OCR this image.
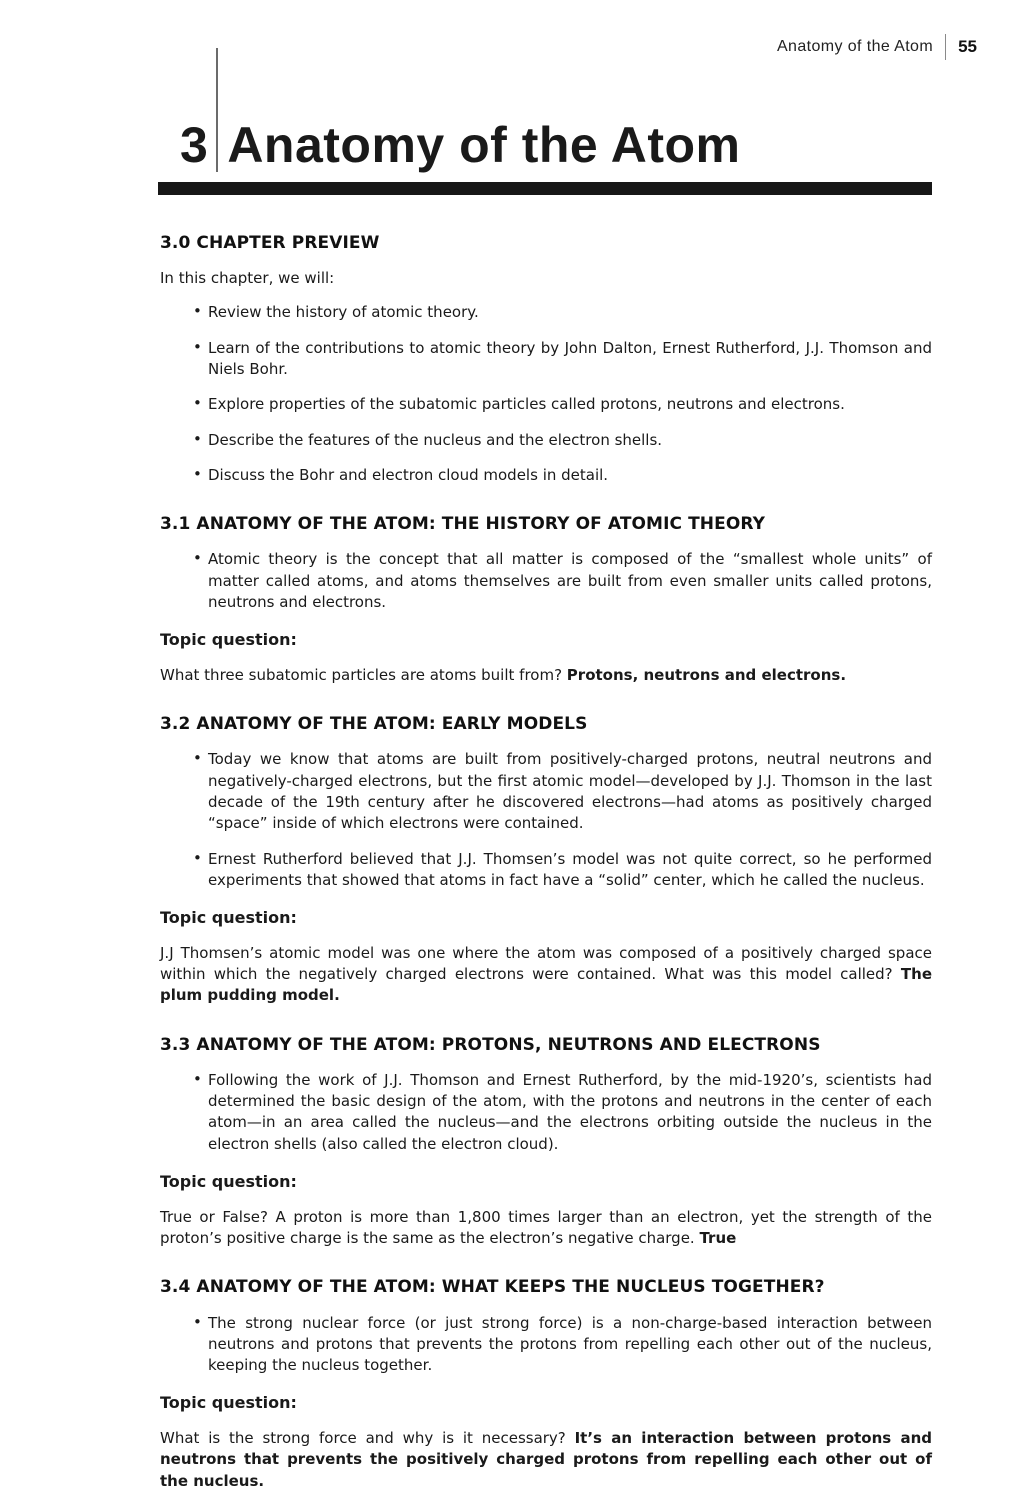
Anatomy of the Atom 55
3 Anatomy of the Atom
3.0 CHAPTER PREVIEW

In this chapter, we will:

• Review the history of atomic theory.
• Learn of the contributions to atomic theory by John Dalton, Ernest Rutherford, J.J. Thomson and Niels Bohr.
• Explore properties of the subatomic particles called protons, neutrons and electrons.
• Describe the features of the nucleus and the electron shells.
• Discuss the Bohr and electron cloud models in detail.
3.1 ANATOMY OF THE ATOM: THE HISTORY OF ATOMIC THEORY
• Atomic theory is the concept that all matter is composed of the “smallest whole units” of matter called atoms, and atoms themselves are built from even smaller units called protons, neutrons and electrons.
Topic question:

What three subatomic particles are atoms built from? Protons, neutrons and electrons.

3.2 ANATOMY OF THE ATOM: EARLY MODELS
• Today we know that atoms are built from positively-charged protons, neutral neutrons and negatively-charged electrons, but the first atomic model—developed by J.J. Thomson in the last decade of the 19th century after he discovered electrons—had atoms as positively charged “space” inside of which electrons were contained.
• Ernest Rutherford believed that J.J. Thomsen’s model was not quite correct, so he performed experiments that showed that atoms in fact have a “solid” center, which he called the nucleus.
Topic question:

J.J Thomsen’s atomic model was one where the atom was composed of a positively charged space within which the negatively charged electrons were contained. What was this model called? The plum pudding model.

3.3 ANATOMY OF THE ATOM: PROTONS, NEUTRONS AND ELECTRONS
• Following the work of J.J. Thomson and Ernest Rutherford, by the mid-1920’s, scientists had determined the basic design of the atom, with the protons and neutrons in the center of each atom—in an area called the nucleus—and the electrons orbiting outside the nucleus in the electron shells (also called the electron cloud).
Topic question:

True or False? A proton is more than 1,800 times larger than an electron, yet the strength of the proton’s positive charge is the same as the electron’s negative charge. True

3.4 ANATOMY OF THE ATOM: WHAT KEEPS THE NUCLEUS TOGETHER?
• The strong nuclear force (or just strong force) is a non-charge-based interaction between neutrons and protons that prevents the protons from repelling each other out of the nucleus, keeping the nucleus together.
Topic question:

What is the strong force and why is it necessary? It’s an interaction between protons and neutrons that prevents the positively charged protons from repelling each other out of the nucleus.
